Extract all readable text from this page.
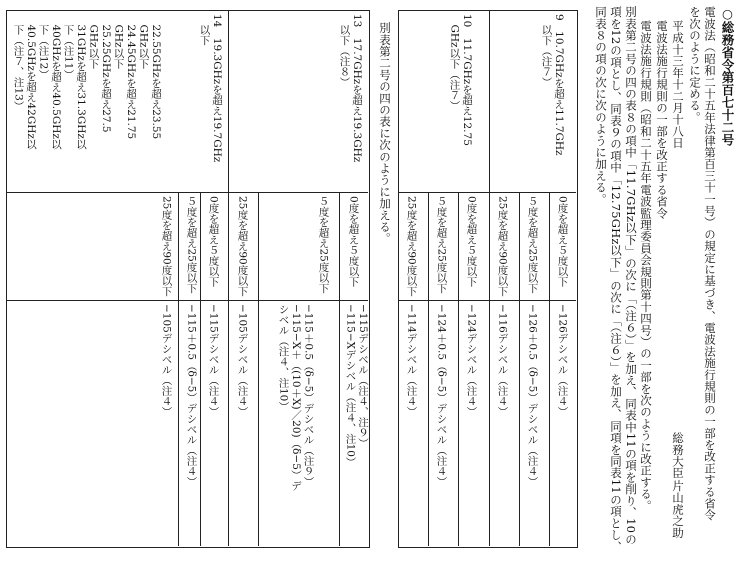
○総務省令第百七十二号
電波法（昭和二十五年法律第百三十一号）の規定に基づき、電波法施行規則の一部を改正する省令
を次のように定める。
平成十三年十二月十八日
総務大臣
片山虎之助
電波法施行規則の一部を改正する省令
電波法施行規則（昭和二十五年電波監理委員会規則第十四号）の一部を次のように改正する。
別表第二号の四の表８の項中「11.7GHz以下」の次に「（注６）」を加え、同表中11の項を削り、10の
項を12の項とし、同表９の項中「12.75GHz以下」の次に「（注６）」を加え、同項を同表11の項とし、
同表８の項の次に次のように加える。
9　10.7GHzを超え11.7GHz
　以下（注７）
0度を超え５度以下
５度を超え25度以下
25度を超え90度以下
−126デシベル（注４）
−126＋0.5（δ−5）デシベル（注４）
−116デシベル（注４）
10　11.7GHzを超え12.75
　GHz以下（注７）
0度を超え５度以下
５度を超え25度以下
25度を超え90度以下
−124デシベル（注４）
−124＋0.5（δ−5）デシベル（注４）
−114デシベル（注４）
別表第二号の四の表に次のように加える。
13　17.7GHzを超え19.3GHz
　以下（注８）
0度を超え５度以下
５度を超え25度以下
25度を超え90度以下
−115デシベル（注４、注９）
−115−Xデシベル（注４、注10）
−115＋0.5（δ−5）デシベル（注９）
−115−X＋（(10＋X)／20)（δ−5）デ
シベル（注４、注10）
−105デシベル（注４）
14　19.3GHzを超え19.7GHz
　以下
0度を超え５度以下
５度を超え25度以下
25度を超え90度以下
−115デシベル（注４）
−115＋0.5（δ−5）デシベル（注４）
−105デシベル（注４）
　22.55GHzを超え23.55
　GHz以下
　24.45GHzを超え21.75
　GHz以下
　25.25GHzを超え27.5
　GHz以下
　31GHzを超え31.3GHz以
　下（注11）
　40GHzを超え40.5GHz以
　下（注12）
　40.5GHzを超え42GHz以
　下（注７、注13）
